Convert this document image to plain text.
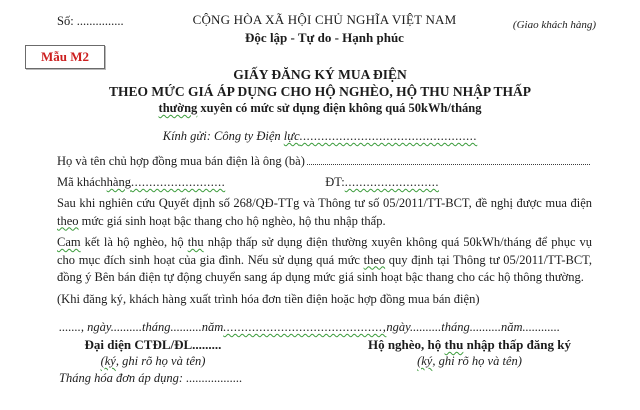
Số: ...............	CỘNG HÒA XÃ HỘI CHỦ NGHĨA VIỆT NAM
Độc lập - Tự do - Hạnh phúc
(Giao khách hàng)
Mẫu M2
GIẤY ĐĂNG KÝ MUA ĐIỆN
THEO MỨC GIÁ ÁP DỤNG CHO HỘ NGHÈO, HỘ THU NHẬP THẤP
thường xuyên có mức sử dụng điện không quá 50kWh/tháng
Kính gửi: Công ty Điện lực.................................................
Họ và tên chủ hợp đồng mua bán điện là ông (bà)
Mã khách hàng ..........................	ĐT: ..........................

Sau khi nghiên cứu Quyết định số 268/QĐ-TTg và Thông tư số 05/2011/TT-BCT, đề nghị được mua điện theo mức giá sinh hoạt bậc thang cho hộ nghèo, hộ thu nhập thấp.

Cam kết là hộ nghèo, hộ thu nhập thấp sử dụng điện thường xuyên không quá 50kWh/tháng để phục vụ cho mục đích sinh hoạt của gia đình. Nếu sử dụng quá mức theo quy định tại Thông tư 05/2011/TT-BCT, đồng ý Bên bán điện tự động chuyển sang áp dụng mức giá sinh hoạt bậc thang cho các hộ thông thường.

(Khi đăng ký, khách hàng xuất trình hóa đơn tiền điện hoặc hợp đồng mua bán điện)

......., ngày..........tháng..........năm ............................................, ngày..........tháng..........năm............
Đại diện CTĐL/ĐL.........
(ký, ghi rõ họ và tên)
Hộ nghèo, hộ thu nhập thấp đăng ký
(ký, ghi rõ họ và tên)
Tháng hóa đơn áp dụng: ..................
